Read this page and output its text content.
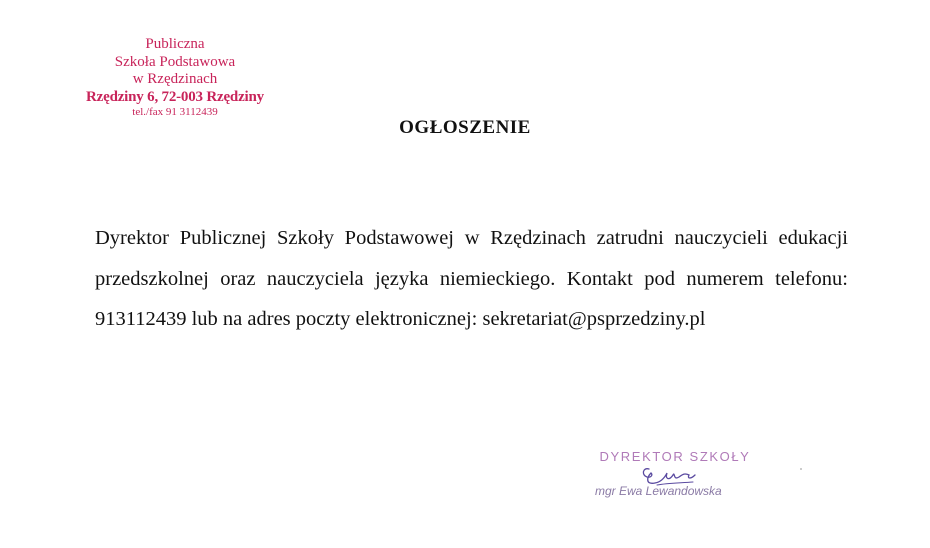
Publiczna
Szkoła Podstawowa
w Rzędzinach
Rzędziny 6, 72-003 Rzędziny
tel./fax 91 3112439
OGŁOSZENIE
Dyrektor Publicznej Szkoły Podstawowej w Rzędzinach zatrudni nauczycieli edukacji przedszkolnej oraz nauczyciela języka niemieckiego. Kontakt pod numerem telefonu: 913112439 lub na adres poczty elektronicznej: sekretariat@psprzedziny.pl
DYREKTOR SZKOŁY
mgr Ewa Lewandowska
